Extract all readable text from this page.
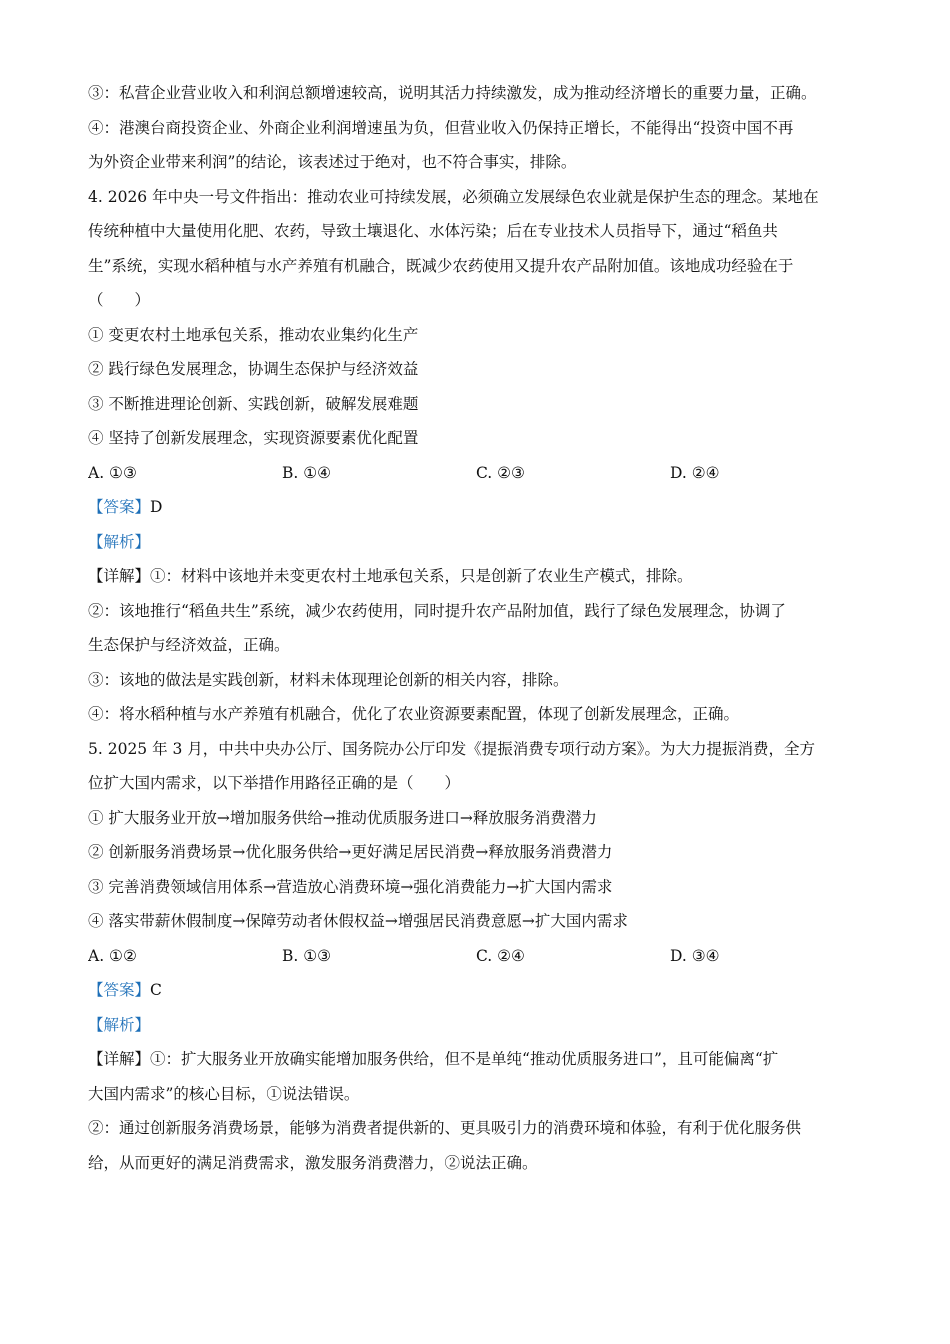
③：私营企业营业收入和利润总额增速较高，说明其活力持续激发，成为推动经济增长的重要力量，正确。
④：港澳台商投资企业、外商企业利润增速虽为负，但营业收入仍保持正增长，不能得出“投资中国不再
为外资企业带来利润”的结论，该表述过于绝对，也不符合事实，排除。
4. 2026 年中央一号文件指出：推动农业可持续发展，必须确立发展绿色农业就是保护生态的理念。某地在
传统种植中大量使用化肥、农药，导致土壤退化、水体污染；后在专业技术人员指导下，通过“稻鱼共
生”系统，实现水稻种植与水产养殖有机融合，既减少农药使用又提升农产品附加值。该地成功经验在于
（　　）
① 变更农村土地承包关系，推动农业集约化生产
② 践行绿色发展理念，协调生态保护与经济效益
③ 不断推进理论创新、实践创新，破解发展难题
④ 坚持了创新发展理念，实现资源要素优化配置
A. ①③	B. ①④	C. ②③	D. ②④
【答案】D
【解析】
【详解】①：材料中该地并未变更农村土地承包关系，只是创新了农业生产模式，排除。
②：该地推行“稻鱼共生”系统，减少农药使用，同时提升农产品附加值，践行了绿色发展理念，协调了
生态保护与经济效益，正确。
③：该地的做法是实践创新，材料未体现理论创新的相关内容，排除。
④：将水稻种植与水产养殖有机融合，优化了农业资源要素配置，体现了创新发展理念，正确。
5. 2025 年 3 月，中共中央办公厅、国务院办公厅印发《提振消费专项行动方案》。为大力提振消费，全方
位扩大国内需求，以下举措作用路径正确的是（　　）
① 扩大服务业开放→增加服务供给→推动优质服务进口→释放服务消费潜力
② 创新服务消费场景→优化服务供给→更好满足居民消费→释放服务消费潜力
③ 完善消费领域信用体系→营造放心消费环境→强化消费能力→扩大国内需求
④ 落实带薪休假制度→保障劳动者休假权益→增强居民消费意愿→扩大国内需求
A. ①②	B. ①③	C. ②④	D. ③④
【答案】C
【解析】
【详解】①：扩大服务业开放确实能增加服务供给，但不是单纯“推动优质服务进口”，且可能偏离“扩
大国内需求”的核心目标，①说法错误。
②：通过创新服务消费场景，能够为消费者提供新的、更具吸引力的消费环境和体验，有利于优化服务供
给，从而更好的满足消费需求，激发服务消费潜力，②说法正确。
